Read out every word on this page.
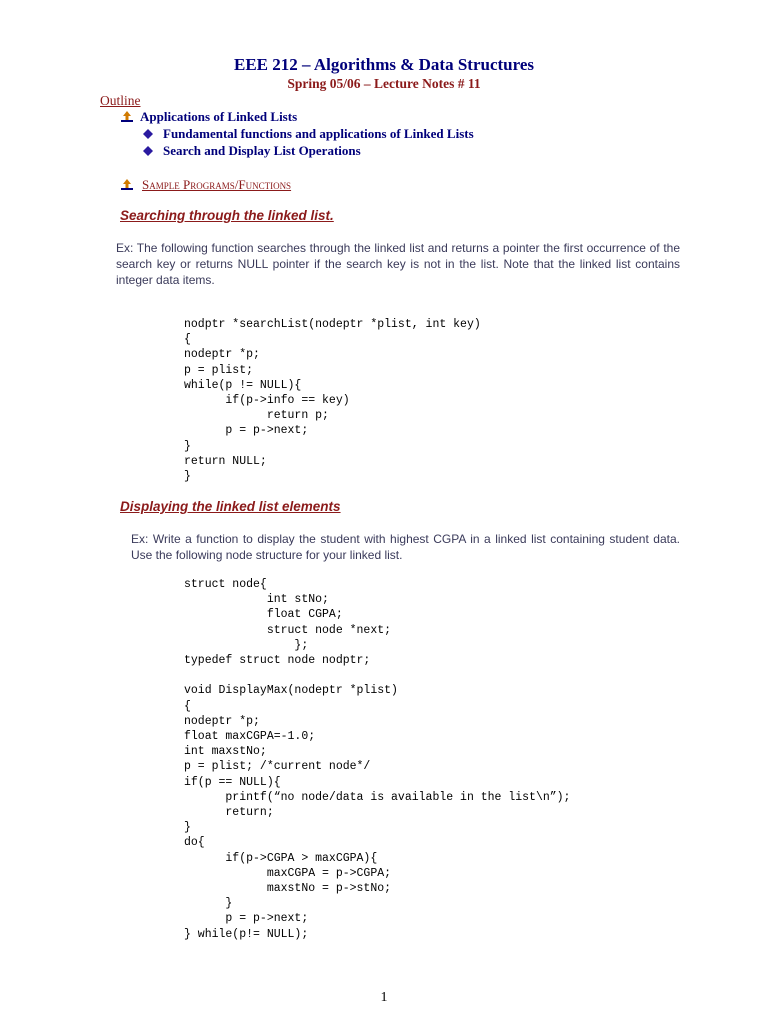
EEE 212 – Algorithms & Data Structures
Spring 05/06 – Lecture Notes # 11
Outline
Applications of Linked Lists
Fundamental functions and applications of Linked Lists
Search and Display List Operations
Sample Programs/Functions
Searching through the linked list.

Ex: The following function searches through the linked list and returns a pointer the first occurrence of the search key or returns NULL pointer if the search key is not in the list. Note that the linked list contains integer data items.

nodptr *searchList(nodeptr *plist, int key)
{
nodeptr *p;
p = plist;
while(p != NULL){
if(p->info == key)
return p;
p = p->next;
}
return NULL;
}
Displaying the linked list elements

Ex: Write a function to display the student with highest CGPA in a linked list containing student data. Use the following node structure for your linked list.

struct node{
int stNo;
float CGPA;
struct node *next;
};
typedef struct node nodptr;

void DisplayMax(nodeptr *plist)
{
nodeptr *p;
float maxCGPA=-1.0;
int maxstNo;
p = plist; /*current node*/
if(p == NULL){
printf(“no node/data is available in the list\n”);
return;
}
do{
if(p->CGPA > maxCGPA){
maxCGPA = p->CGPA;
maxstNo = p->stNo;
}
p = p->next;
} while(p!= NULL);
1
